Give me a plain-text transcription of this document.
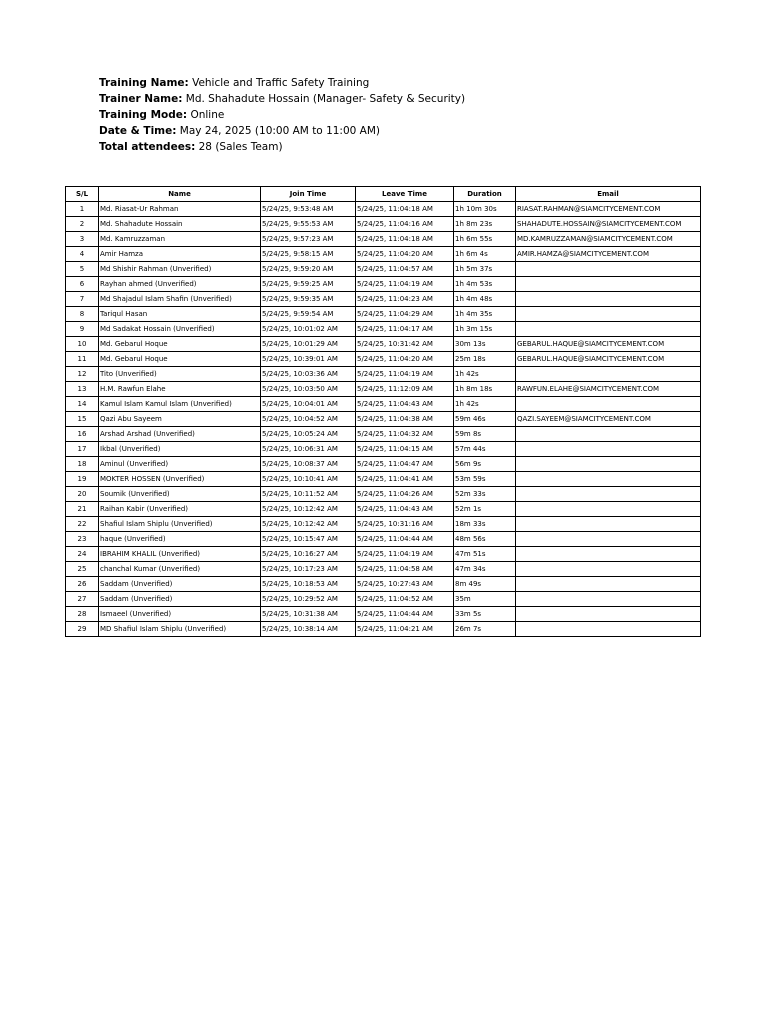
Training Name: Vehicle and Traffic Safety Training
Trainer Name: Md. Shahadute Hossain (Manager- Safety & Security)
Training Mode: Online
Date & Time: May 24, 2025 (10:00 AM to 11:00 AM)
Total attendees: 28 (Sales Team)
S/L	Name	Join Time	Leave Time	Duration	Email
1	Md. Riasat-Ur Rahman	5/24/25, 9:53:48 AM	5/24/25, 11:04:18 AM	1h 10m 30s	RIASAT.RAHMAN@SIAMCITYCEMENT.COM
2	Md. Shahadute Hossain	5/24/25, 9:55:53 AM	5/24/25, 11:04:16 AM	1h 8m 23s	SHAHADUTE.HOSSAIN@SIAMCITYCEMENT.COM
3	Md. Kamruzzaman	5/24/25, 9:57:23 AM	5/24/25, 11:04:18 AM	1h 6m 55s	MD.KAMRUZZAMAN@SIAMCITYCEMENT.COM
4	Amir Hamza	5/24/25, 9:58:15 AM	5/24/25, 11:04:20 AM	1h 6m 4s	AMIR.HAMZA@SIAMCITYCEMENT.COM
5	Md Shishir Rahman (Unverified)	5/24/25, 9:59:20 AM	5/24/25, 11:04:57 AM	1h 5m 37s	
6	Rayhan ahmed (Unverified)	5/24/25, 9:59:25 AM	5/24/25, 11:04:19 AM	1h 4m 53s	
7	Md Shajadul Islam Shafin (Unverified)	5/24/25, 9:59:35 AM	5/24/25, 11:04:23 AM	1h 4m 48s	
8	Tariqul Hasan	5/24/25, 9:59:54 AM	5/24/25, 11:04:29 AM	1h 4m 35s	
9	Md Sadakat Hossain (Unverified)	5/24/25, 10:01:02 AM	5/24/25, 11:04:17 AM	1h 3m 15s	
10	Md. Gebarul Hoque	5/24/25, 10:01:29 AM	5/24/25, 10:31:42 AM	30m 13s	GEBARUL.HAQUE@SIAMCITYCEMENT.COM
11	Md. Gebarul Hoque	5/24/25, 10:39:01 AM	5/24/25, 11:04:20 AM	25m 18s	GEBARUL.HAQUE@SIAMCITYCEMENT.COM
12	Tito (Unverified)	5/24/25, 10:03:36 AM	5/24/25, 11:04:19 AM	1h 42s	
13	H.M. Rawfun Elahe	5/24/25, 10:03:50 AM	5/24/25, 11:12:09 AM	1h 8m 18s	RAWFUN.ELAHE@SIAMCITYCEMENT.COM
14	Kamul Islam Kamul Islam (Unverified)	5/24/25, 10:04:01 AM	5/24/25, 11:04:43 AM	1h 42s	
15	Qazi Abu Sayeem	5/24/25, 10:04:52 AM	5/24/25, 11:04:38 AM	59m 46s	QAZI.SAYEEM@SIAMCITYCEMENT.COM
16	Arshad Arshad (Unverified)	5/24/25, 10:05:24 AM	5/24/25, 11:04:32 AM	59m 8s	
17	Ikbal (Unverified)	5/24/25, 10:06:31 AM	5/24/25, 11:04:15 AM	57m 44s	
18	Aminul (Unverified)	5/24/25, 10:08:37 AM	5/24/25, 11:04:47 AM	56m 9s	
19	MOKTER HOSSEN (Unverified)	5/24/25, 10:10:41 AM	5/24/25, 11:04:41 AM	53m 59s	
20	Soumik (Unverified)	5/24/25, 10:11:52 AM	5/24/25, 11:04:26 AM	52m 33s	
21	Raihan Kabir (Unverified)	5/24/25, 10:12:42 AM	5/24/25, 11:04:43 AM	52m 1s	
22	Shafiul Islam Shiplu (Unverified)	5/24/25, 10:12:42 AM	5/24/25, 10:31:16 AM	18m 33s	
23	haque (Unverified)	5/24/25, 10:15:47 AM	5/24/25, 11:04:44 AM	48m 56s	
24	IBRAHIM KHALIL (Unverified)	5/24/25, 10:16:27 AM	5/24/25, 11:04:19 AM	47m 51s	
25	chanchal Kumar (Unverified)	5/24/25, 10:17:23 AM	5/24/25, 11:04:58 AM	47m 34s	
26	Saddam (Unverified)	5/24/25, 10:18:53 AM	5/24/25, 10:27:43 AM	8m 49s	
27	Saddam (Unverified)	5/24/25, 10:29:52 AM	5/24/25, 11:04:52 AM	35m	
28	Ismaeel (Unverified)	5/24/25, 10:31:38 AM	5/24/25, 11:04:44 AM	33m 5s	
29	MD Shafiul Islam Shiplu (Unverified)	5/24/25, 10:38:14 AM	5/24/25, 11:04:21 AM	26m 7s	
